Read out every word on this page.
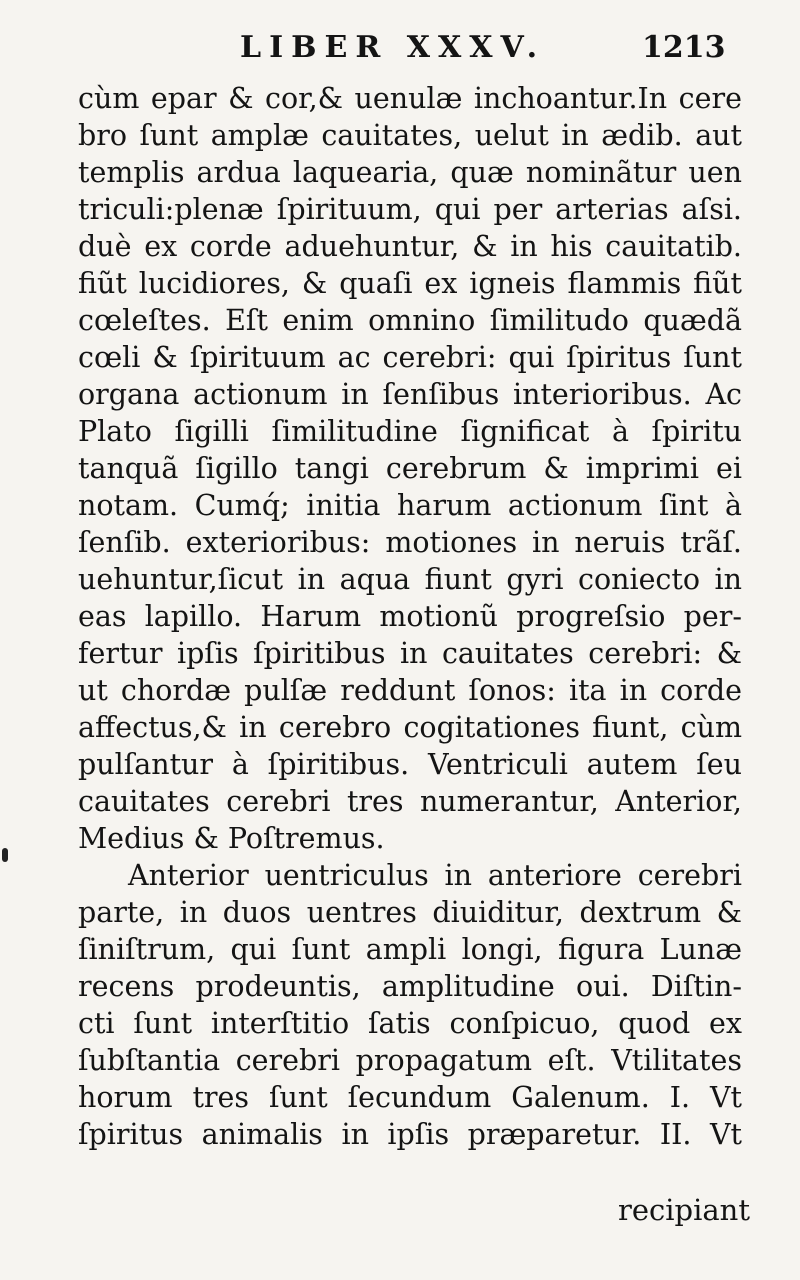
LIBER XXXV.	1213
cùm epar & cor,& uenulæ inchoantur.In cere
bro ſunt amplæ cauitates, uelut in ædib. aut
templis ardua laquearia, quæ nominãtur uen
triculi:plenæ ſpirituum, qui per arterias aſsi.
duè ex corde aduehuntur, & in his cauitatib.
fiũt lucidiores, & quaſi ex igneis flammis fiũt
cœleſtes. Eſt enim omnino ſimilitudo quædã
cœli & ſpirituum ac cerebri: qui ſpiritus ſunt
organa actionum in ſenſibus interioribus. Ac
Plato ſigilli ſimilitudine ſignificat à ſpiritu
tanquã ſigillo tangi cerebrum & imprimi ei
notam. Cumq́; initia harum actionum ſint à
ſenſib. exterioribus: motiones in neruis trãſ.
uehuntur,ſicut in aqua fiunt gyri coniecto in
eas lapillo. Harum motionũ progreſsio per-
fertur ipſis ſpiritibus in cauitates cerebri: &
ut chordæ pulſæ reddunt ſonos: ita in corde
affectus,& in cerebro cogitationes fiunt, cùm
pulſantur à ſpiritibus. Ventriculi autem ſeu
cauitates cerebri tres numerantur, Anterior,
Medius & Poſtremus.
Anterior uentriculus in anteriore cerebri
parte, in duos uentres diuiditur, dextrum &
ſiniſtrum, qui ſunt ampli longi, figura Lunæ
recens prodeuntis, amplitudine oui. Diſtin-
cti ſunt interſtitio ſatis conſpicuo, quod ex
ſubſtantia cerebri propagatum eſt. Vtilitates
horum tres ſunt ſecundum Galenum. I. Vt
ſpiritus animalis in ipſis præparetur. II. Vt
recipiant
